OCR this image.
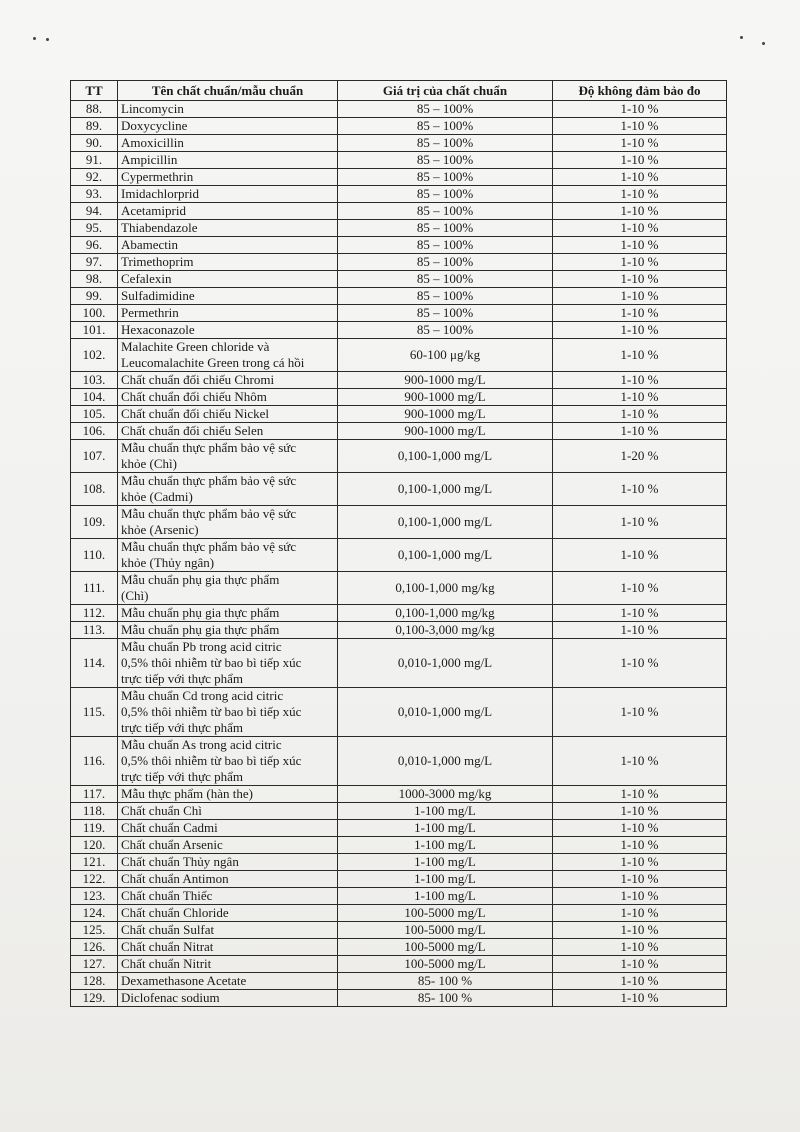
TT	Tên chất chuẩn/mẫu chuẩn	Giá trị của chất chuẩn	Độ không đảm bảo đo
88.	Lincomycin	85 – 100%	1-10 %
89.	Doxycycline	85 – 100%	1-10 %
90.	Amoxicillin	85 – 100%	1-10 %
91.	Ampicillin	85 – 100%	1-10 %
92.	Cypermethrin	85 – 100%	1-10 %
93.	Imidachlorprid	85 – 100%	1-10 %
94.	Acetamiprid	85 – 100%	1-10 %
95.	Thiabendazole	85 – 100%	1-10 %
96.	Abamectin	85 – 100%	1-10 %
97.	Trimethoprim	85 – 100%	1-10 %
98.	Cefalexin	85 – 100%	1-10 %
99.	Sulfadimidine	85 – 100%	1-10 %
100.	Permethrin	85 – 100%	1-10 %
101.	Hexaconazole	85 – 100%	1-10 %
102.	Malachite Green chloride và
Leucomalachite Green trong cá hồi	60-100 μg/kg	1-10 %
103.	Chất chuẩn đối chiếu Chromi	900-1000 mg/L	1-10 %
104.	Chất chuẩn đối chiếu Nhôm	900-1000 mg/L	1-10 %
105.	Chất chuẩn đối chiếu Nickel	900-1000 mg/L	1-10 %
106.	Chất chuẩn đối chiếu Selen	900-1000 mg/L	1-10 %
107.	Mẫu chuẩn thực phẩm bảo vệ sức
khỏe (Chì)	0,100-1,000 mg/L	1-20 %
108.	Mẫu chuẩn thực phẩm bảo vệ sức
khỏe (Cadmi)	0,100-1,000 mg/L	1-10 %
109.	Mẫu chuẩn thực phẩm bảo vệ sức
khỏe (Arsenic)	0,100-1,000 mg/L	1-10 %
110.	Mẫu chuẩn thực phẩm bảo vệ sức
khỏe (Thủy ngân)	0,100-1,000 mg/L	1-10 %
111.	Mẫu chuẩn phụ gia thực phẩm
(Chì)	0,100-1,000 mg/kg	1-10 %
112.	Mẫu chuẩn phụ gia thực phẩm	0,100-1,000 mg/kg	1-10 %
113.	Mẫu chuẩn phụ gia thực phẩm	0,100-3,000 mg/kg	1-10 %
114.	Mẫu chuẩn Pb trong acid citric
0,5% thôi nhiễm từ bao bì tiếp xúc
trực tiếp với thực phẩm	0,010-1,000 mg/L	1-10 %
115.	Mẫu chuẩn Cd trong acid citric
0,5% thôi nhiễm từ bao bì tiếp xúc
trực tiếp với thực phẩm	0,010-1,000 mg/L	1-10 %
116.	Mẫu chuẩn As trong acid citric
0,5% thôi nhiễm từ bao bì tiếp xúc
trực tiếp với thực phẩm	0,010-1,000 mg/L	1-10 %
117.	Mẫu thực phẩm (hàn the)	1000-3000 mg/kg	1-10 %
118.	Chất chuẩn Chì	1-100 mg/L	1-10 %
119.	Chất chuẩn Cadmi	1-100 mg/L	1-10 %
120.	Chất chuẩn Arsenic	1-100 mg/L	1-10 %
121.	Chất chuẩn Thủy ngân	1-100 mg/L	1-10 %
122.	Chất chuẩn Antimon	1-100 mg/L	1-10 %
123.	Chất chuẩn Thiếc	1-100 mg/L	1-10 %
124.	Chất chuẩn Chloride	100-5000 mg/L	1-10 %
125.	Chất chuẩn Sulfat	100-5000 mg/L	1-10 %
126.	Chất chuẩn Nitrat	100-5000 mg/L	1-10 %
127.	Chất chuẩn Nitrit	100-5000 mg/L	1-10 %
128.	Dexamethasone Acetate	85- 100 %	1-10 %
129.	Diclofenac sodium	85- 100 %	1-10 %
